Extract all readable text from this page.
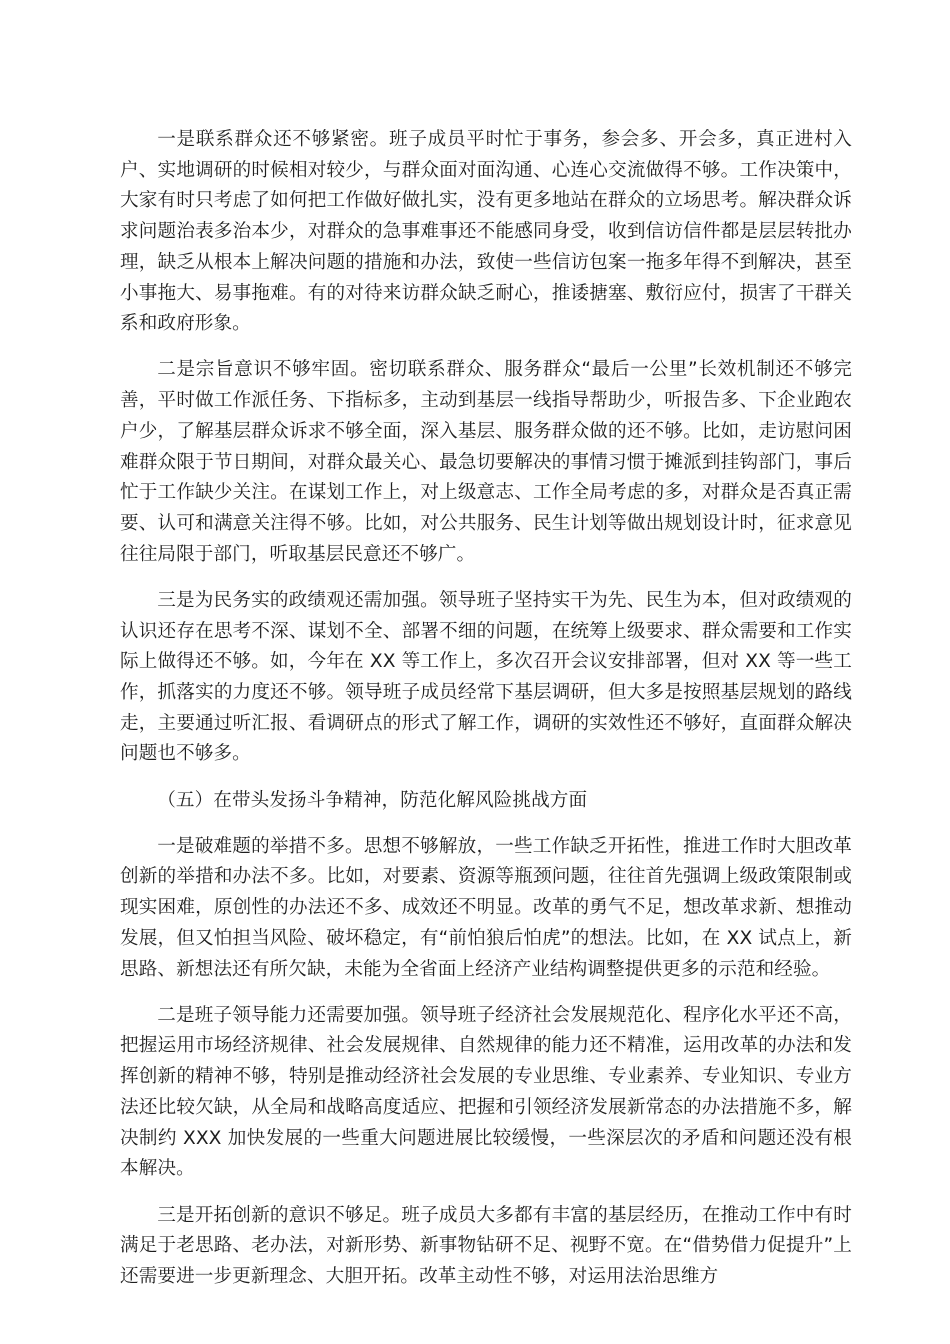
一是联系群众还不够紧密。班子成员平时忙于事务，参会多、开会多，真正进村入户、实地调研的时候相对较少，与群众面对面沟通、心连心交流做得不够。工作决策中，大家有时只考虑了如何把工作做好做扎实，没有更多地站在群众的立场思考。解决群众诉求问题治表多治本少，对群众的急事难事还不能感同身受，收到信访信件都是层层转批办理，缺乏从根本上解决问题的措施和办法，致使一些信访包案一拖多年得不到解决，甚至小事拖大、易事拖难。有的对待来访群众缺乏耐心，推诿搪塞、敷衍应付，损害了干群关系和政府形象。

二是宗旨意识不够牢固。密切联系群众、服务群众“最后一公里”长效机制还不够完善，平时做工作派任务、下指标多，主动到基层一线指导帮助少，听报告多、下企业跑农户少，了解基层群众诉求不够全面，深入基层、服务群众做的还不够。比如，走访慰问困难群众限于节日期间，对群众最关心、最急切要解决的事情习惯于摊派到挂钩部门，事后忙于工作缺少关注。在谋划工作上，对上级意志、工作全局考虑的多，对群众是否真正需要、认可和满意关注得不够。比如，对公共服务、民生计划等做出规划设计时，征求意见往往局限于部门，听取基层民意还不够广。

三是为民务实的政绩观还需加强。领导班子坚持实干为先、民生为本，但对政绩观的认识还存在思考不深、谋划不全、部署不细的问题，在统筹上级要求、群众需要和工作实际上做得还不够。如，今年在 XX 等工作上，多次召开会议安排部署，但对 XX 等一些工作，抓落实的力度还不够。领导班子成员经常下基层调研，但大多是按照基层规划的路线走，主要通过听汇报、看调研点的形式了解工作，调研的实效性还不够好，直面群众解决问题也不够多。

（五）在带头发扬斗争精神，防范化解风险挑战方面

一是破难题的举措不多。思想不够解放，一些工作缺乏开拓性，推进工作时大胆改革创新的举措和办法不多。比如，对要素、资源等瓶颈问题，往往首先强调上级政策限制或现实困难，原创性的办法还不多、成效还不明显。改革的勇气不足，想改革求新、想推动发展，但又怕担当风险、破坏稳定，有“前怕狼后怕虎”的想法。比如，在 XX 试点上，新思路、新想法还有所欠缺，未能为全省面上经济产业结构调整提供更多的示范和经验。

二是班子领导能力还需要加强。领导班子经济社会发展规范化、程序化水平还不高，把握运用市场经济规律、社会发展规律、自然规律的能力还不精准，运用改革的办法和发挥创新的精神不够，特别是推动经济社会发展的专业思维、专业素养、专业知识、专业方法还比较欠缺，从全局和战略高度适应、把握和引领经济发展新常态的办法措施不多，解决制约 XXX 加快发展的一些重大问题进展比较缓慢，一些深层次的矛盾和问题还没有根本解决。

三是开拓创新的意识不够足。班子成员大多都有丰富的基层经历，在推动工作中有时满足于老思路、老办法，对新形势、新事物钻研不足、视野不宽。在“借势借力促提升”上还需要进一步更新理念、大胆开拓。改革主动性不够，对运用法治思维方
